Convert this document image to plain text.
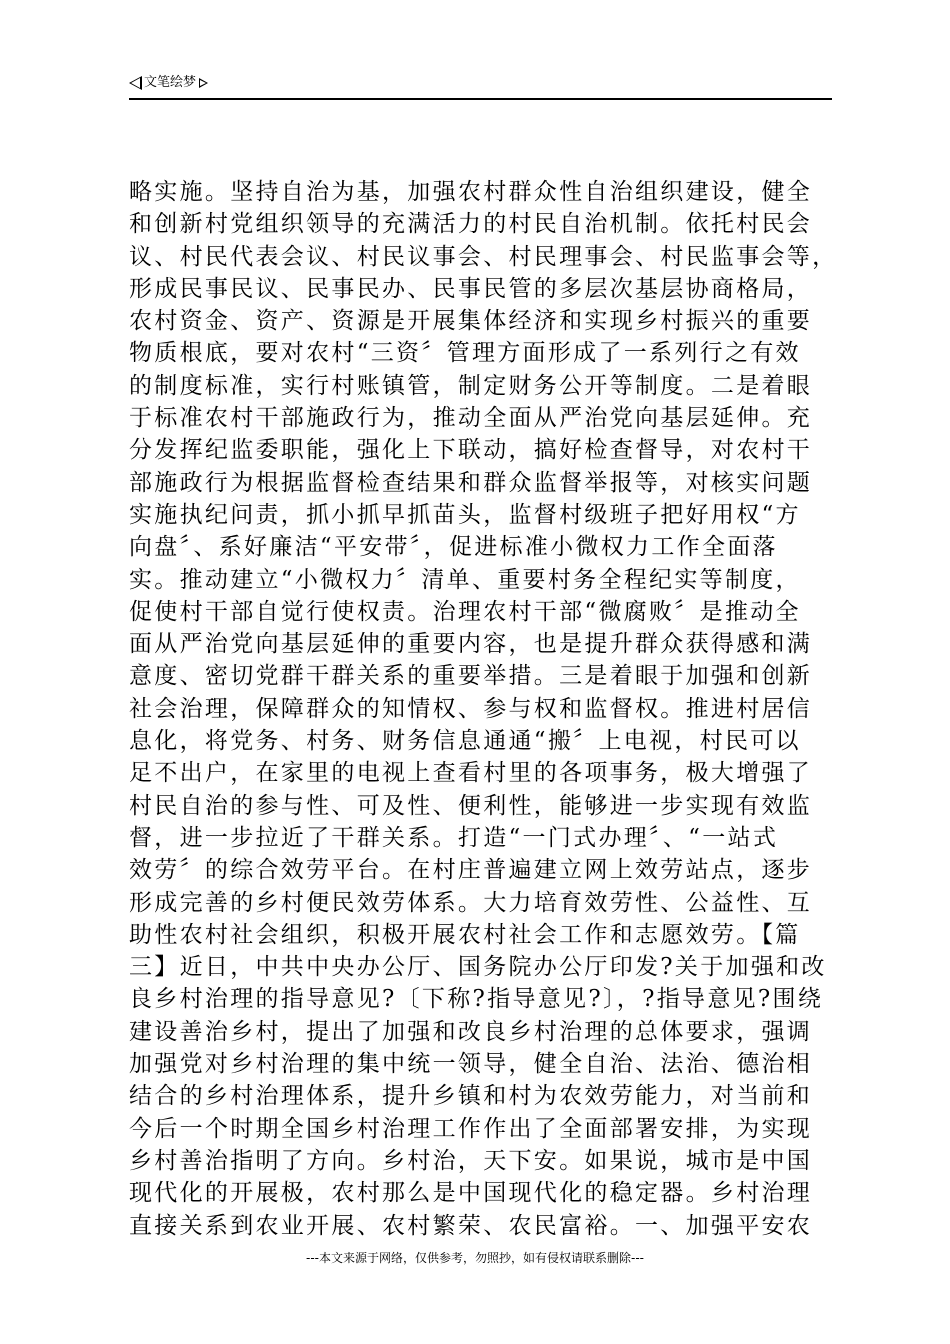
文笔绘梦
略实施。坚持自治为基，加强农村群众性自治组织建设，健全
和创新村党组织领导的充满活力的村民自治机制。依托村民会
议、村民代表会议、村民议事会、村民理事会、村民监事会等，
形成民事民议、民事民办、民事民管的多层次基层协商格局，
农村资金、资产、资源是开展集体经济和实现乡村振兴的重要
物质根底，要对农村“三资〞管理方面形成了一系列行之有效
的制度标准，实行村账镇管，制定财务公开等制度。二是着眼
于标准农村干部施政行为，推动全面从严治党向基层延伸。充
分发挥纪监委职能，强化上下联动，搞好检查督导，对农村干
部施政行为根据监督检查结果和群众监督举报等，对核实问题
实施执纪问责，抓小抓早抓苗头，监督村级班子把好用权“方
向盘〞、系好廉洁“平安带〞，促进标准小微权力工作全面落
实。推动建立“小微权力〞清单、重要村务全程纪实等制度，
促使村干部自觉行使权责。治理农村干部“微腐败〞是推动全
面从严治党向基层延伸的重要内容，也是提升群众获得感和满
意度、密切党群干群关系的重要举措。三是着眼于加强和创新
社会治理，保障群众的知情权、参与权和监督权。推进村居信
息化，将党务、村务、财务信息通通“搬〞上电视，村民可以
足不出户，在家里的电视上查看村里的各项事务，极大增强了
村民自治的参与性、可及性、便利性，能够进一步实现有效监
督，进一步拉近了干群关系。打造“一门式办理〞、“一站式
效劳〞的综合效劳平台。在村庄普遍建立网上效劳站点，逐步
形成完善的乡村便民效劳体系。大力培育效劳性、公益性、互
助性农村社会组织，积极开展农村社会工作和志愿效劳。【篇
三】近日，中共中央办公厅、国务院办公厅印发?关于加强和改
良乡村治理的指导意见?〔下称?指导意见?〕，?指导意见?围绕
建设善治乡村，提出了加强和改良乡村治理的总体要求，强调
加强党对乡村治理的集中统一领导，健全自治、法治、德治相
结合的乡村治理体系，提升乡镇和村为农效劳能力，对当前和
今后一个时期全国乡村治理工作作出了全面部署安排，为实现
乡村善治指明了方向。乡村治，天下安。如果说，城市是中国
现代化的开展极，农村那么是中国现代化的稳定器。乡村治理
直接关系到农业开展、农村繁荣、农民富裕。一、加强平安农
---本文来源于网络，仅供参考，勿照抄，如有侵权请联系删除---
